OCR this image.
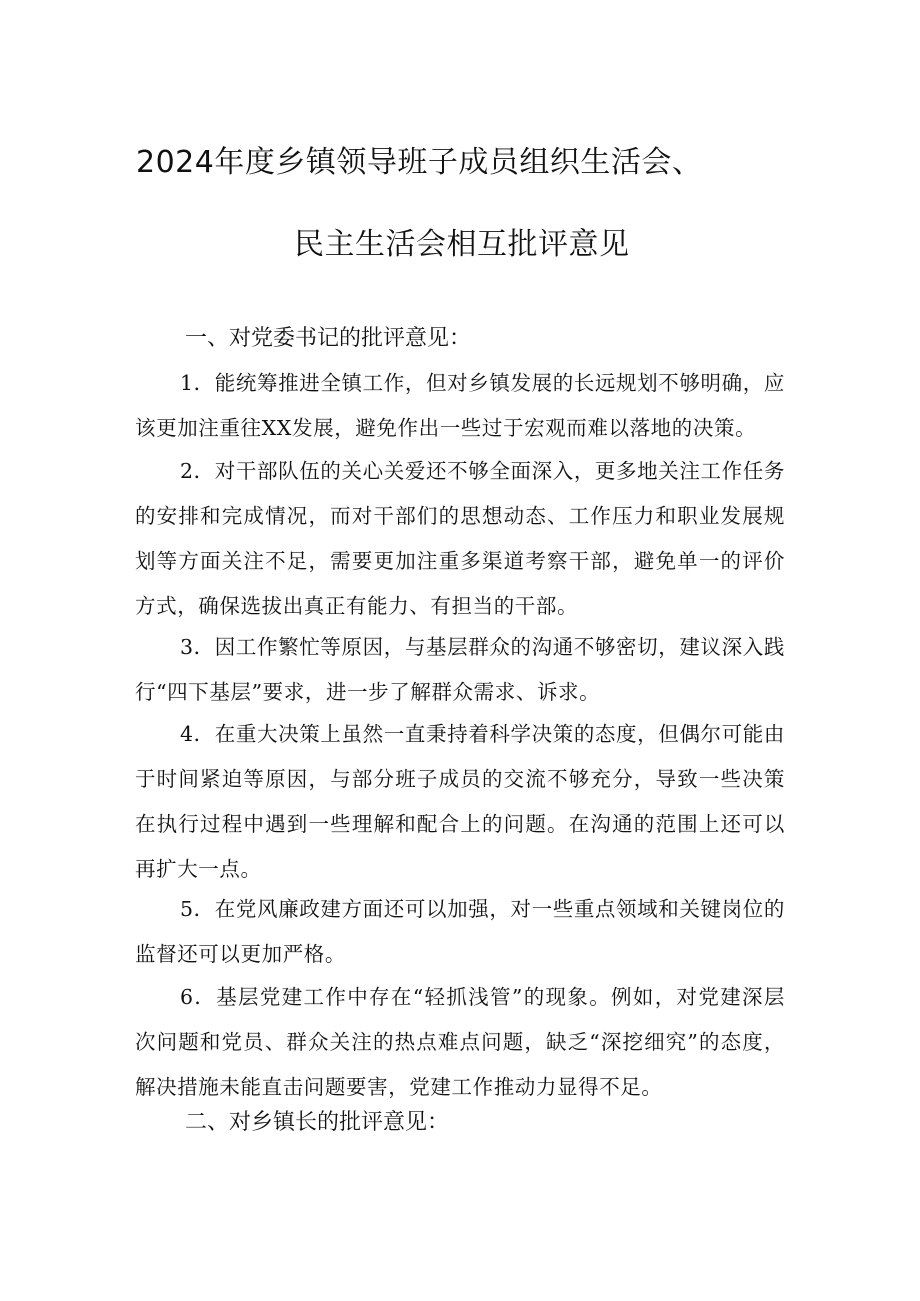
2024年度乡镇领导班子成员组织生活会、
民主生活会相互批评意见
一、对党委书记的批评意见：

1．能统筹推进全镇工作，但对乡镇发展的长远规划不够明确，应该更加注重往XX发展，避免作出一些过于宏观而难以落地的决策。

2．对干部队伍的关心关爱还不够全面深入，更多地关注工作任务的安排和完成情况，而对干部们的思想动态、工作压力和职业发展规划等方面关注不足，需要更加注重多渠道考察干部，避免单一的评价方式，确保选拔出真正有能力、有担当的干部。

3．因工作繁忙等原因，与基层群众的沟通不够密切，建议深入践行“四下基层”要求，进一步了解群众需求、诉求。

4．在重大决策上虽然一直秉持着科学决策的态度，但偶尔可能由于时间紧迫等原因，与部分班子成员的交流不够充分，导致一些决策在执行过程中遇到一些理解和配合上的问题。在沟通的范围上还可以再扩大一点。

5．在党风廉政建方面还可以加强，对一些重点领域和关键岗位的监督还可以更加严格。

6．基层党建工作中存在“轻抓浅管”的现象。例如，对党建深层次问题和党员、群众关注的热点难点问题，缺乏“深挖细究”的态度，解决措施未能直击问题要害，党建工作推动力显得不足。

二、对乡镇长的批评意见：
